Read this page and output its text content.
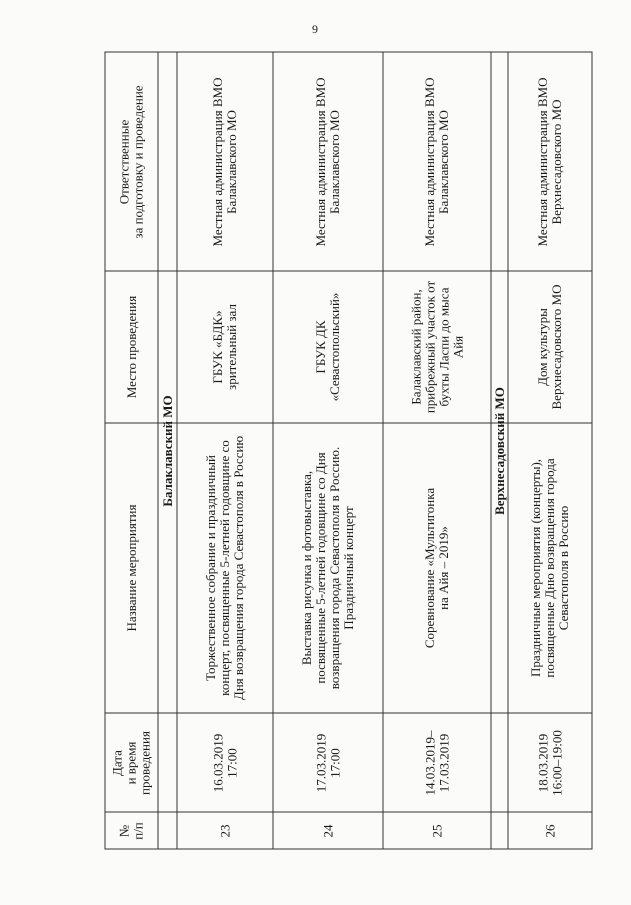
9
Ответственные
за подготовку и проведение
Место проведения
Название мероприятия
Дата
и время
проведения
№
п/п
Балаклавский МО
Местная администрация ВМО
Балаклавского МО
ГБУК «БДК»
зрительный зал
Торжественное собрание и праздничный концерт, посвященные 5-летней годовщине со Дня возвращения города Севастополя в Россию
16.03.2019
17:00
23
Местная администрация ВМО
Балаклавского МО
ГБУК ДК
«Севастопольский»
Выставка рисунка и фотовыставка, посвященные 5-летней годовщине со Дня возвращения города Севастополя в Россию. Праздничный концерт
17.03.2019
17:00
24
Местная администрация ВМО
Балаклавского МО
Балаклавский район, прибрежный участок от бухты Ласпи до мыса Айя
Соревнование «Мультигонка
на Айя – 2019»
14.03.2019–
17.03.2019
25
Верхнесадовский МО
Местная администрация ВМО
Верхнесадовского МО
Дом культуры Верхнесадовского МО
Праздничные мероприятия (концерты), посвященные Дню возвращения города Севастополя в Россию
18.03.2019
16:00–19:00
26
